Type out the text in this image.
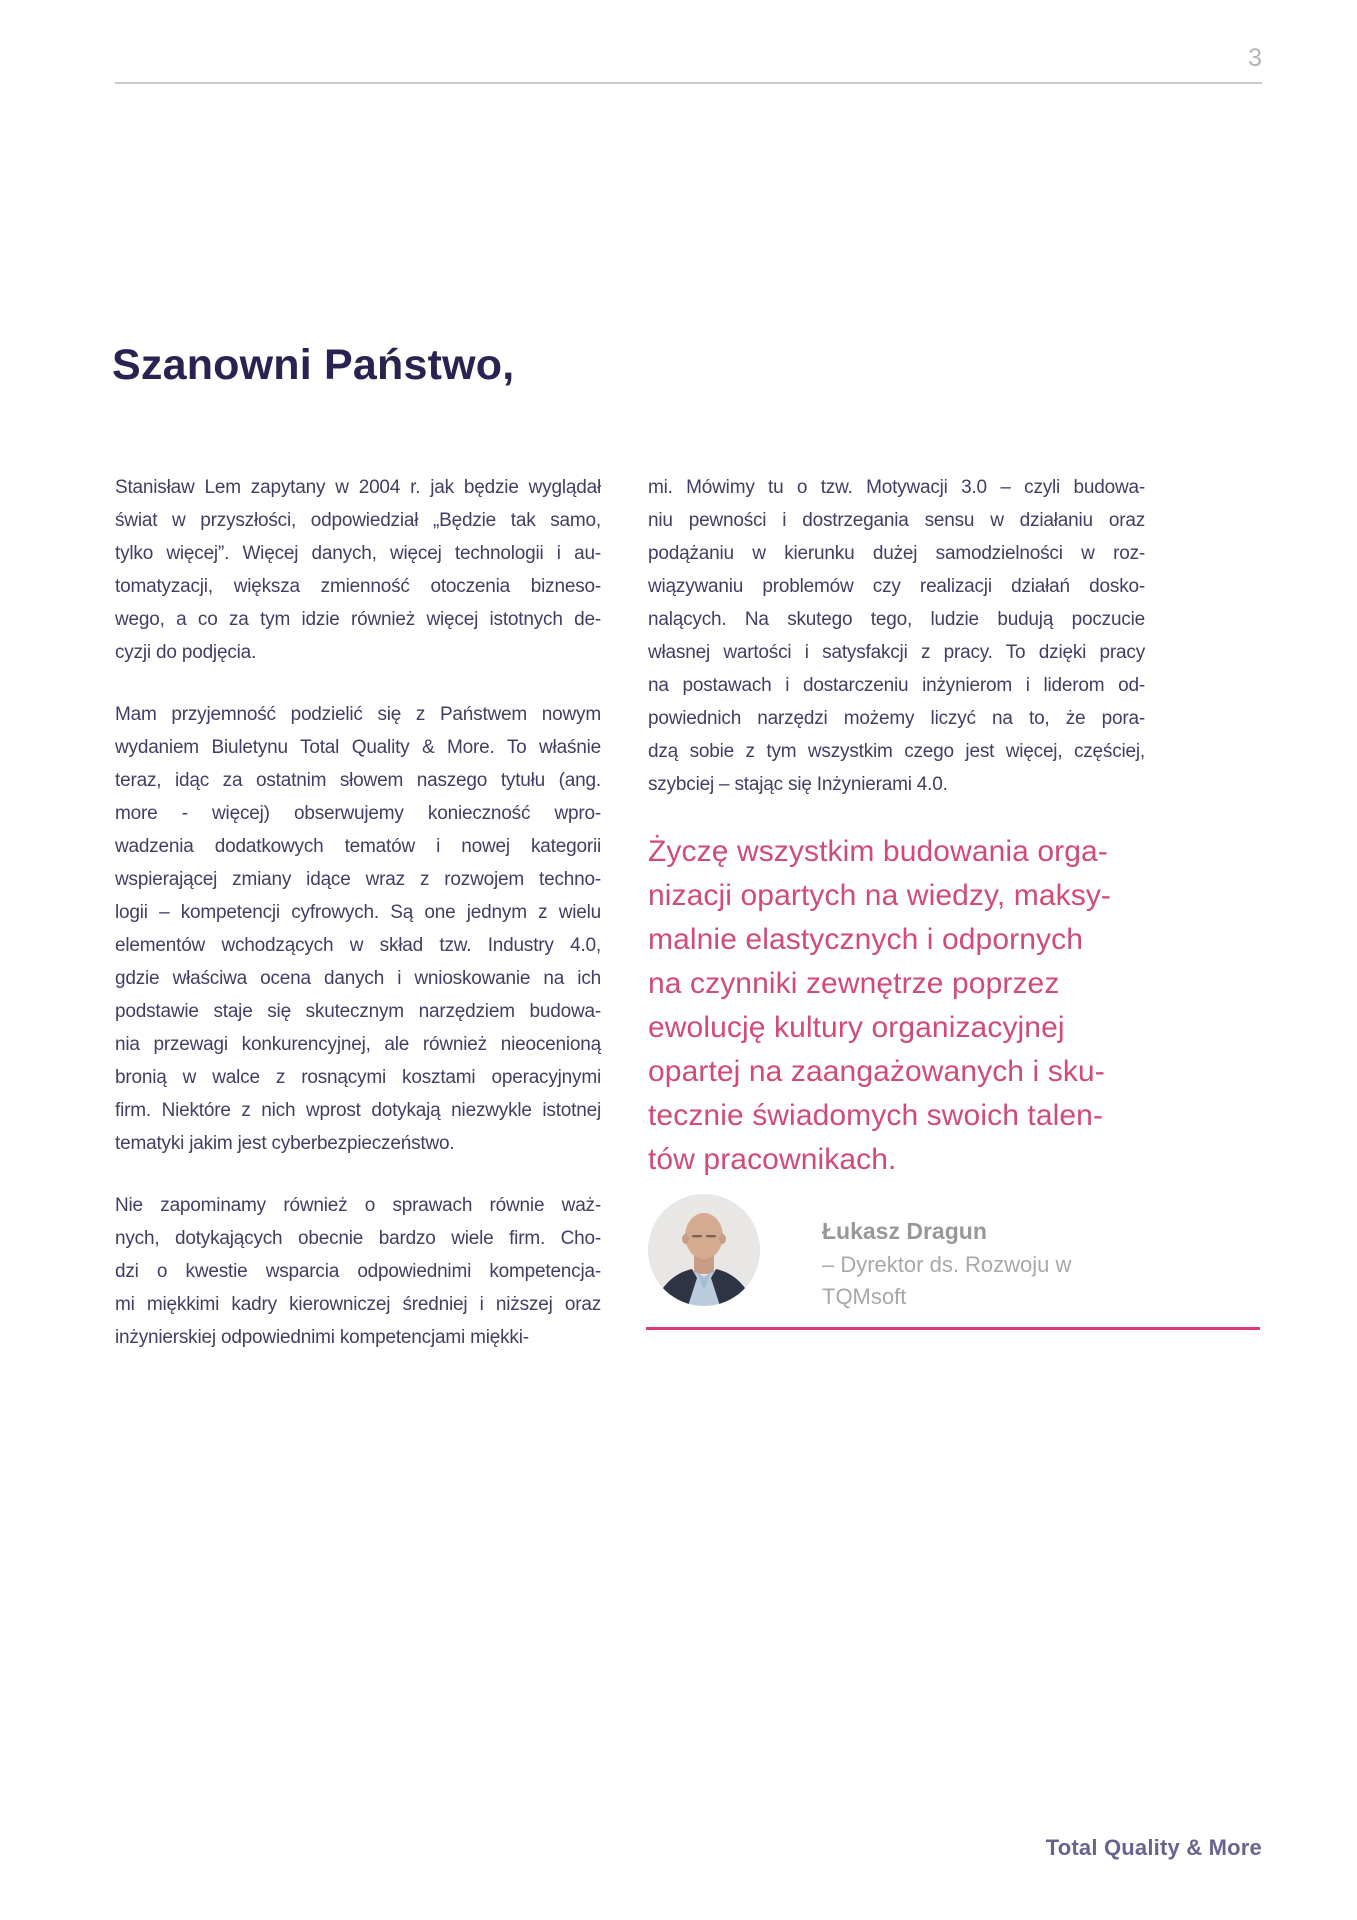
3
Szanowni Państwo,
Stanisław Lem zapytany w 2004 r. jak będzie wyglądał
świat w przyszłości, odpowiedział „Będzie tak samo,
tylko więcej”. Więcej danych, więcej technologii i au-
tomatyzacji, większa zmienność otoczenia bizneso-
wego, a co za tym idzie również więcej istotnych de-
cyzji do podjęcia.
Mam przyjemność podzielić się z Państwem nowym
wydaniem Biuletynu Total Quality & More. To właśnie
teraz, idąc za ostatnim słowem naszego tytułu (ang.
more - więcej) obserwujemy konieczność wpro-
wadzenia dodatkowych tematów i nowej kategorii
wspierającej zmiany idące wraz z rozwojem techno-
logii – kompetencji cyfrowych. Są one jednym z wielu
elementów wchodzących w skład tzw. Industry 4.0,
gdzie właściwa ocena danych i wnioskowanie na ich
podstawie staje się skutecznym narzędziem budowa-
nia przewagi konkurencyjnej, ale również nieocenioną
bronią w walce z rosnącymi kosztami operacyjnymi
firm. Niektóre z nich wprost dotykają niezwykle istotnej
tematyki jakim jest cyberbezpieczeństwo.
Nie zapominamy również o sprawach równie waż-
nych, dotykających obecnie bardzo wiele firm. Cho-
dzi o kwestie wsparcia odpowiednimi kompetencja-
mi miękkimi kadry kierowniczej średniej i niższej oraz
inżynierskiej odpowiednimi kompetencjami miękki-
mi. Mówimy tu o tzw. Motywacji 3.0 – czyli budowa-
niu pewności i dostrzegania sensu w działaniu oraz
podążaniu w kierunku dużej samodzielności w roz-
wiązywaniu problemów czy realizacji działań dosko-
nalących. Na skutego tego, ludzie budują poczucie
własnej wartości i satysfakcji z pracy. To dzięki pracy
na postawach i dostarczeniu inżynierom i liderom od-
powiednich narzędzi możemy liczyć na to, że pora-
dzą sobie z tym wszystkim czego jest więcej, częściej,
szybciej – stając się Inżynierami 4.0.
Życzę wszystkim budowania orga-
nizacji opartych na wiedzy, maksy-
malnie elastycznych i odpornych
na czynniki zewnętrze poprzez
ewolucję kultury organizacyjnej
opartej na zaangażowanych i sku-
tecznie świadomych swoich talen-
tów pracownikach.
Łukasz Dragun
– Dyrektor ds. Rozwoju w TQMsoft
Total Quality & More
